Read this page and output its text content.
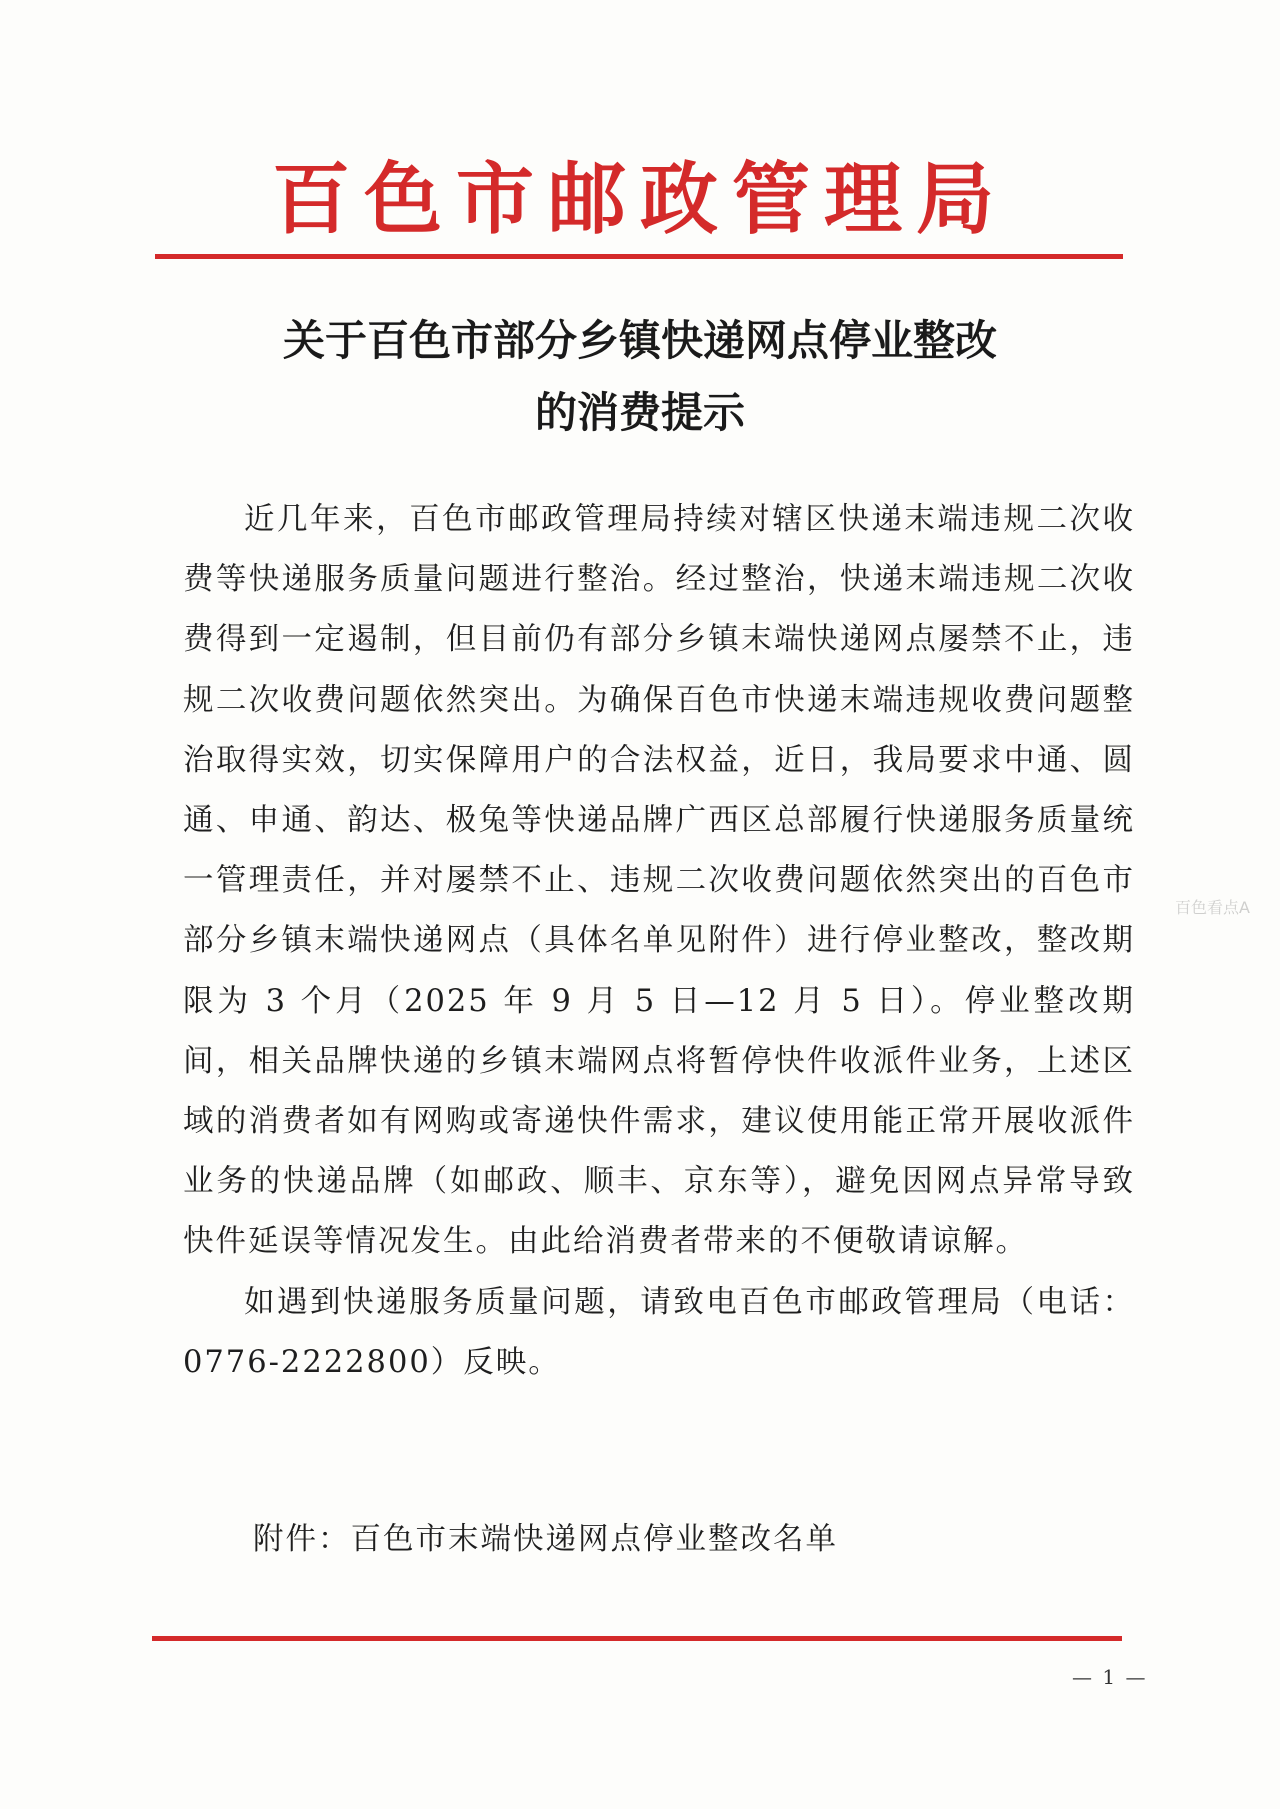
百色市邮政管理局
关于百色市部分乡镇快递网点停业整改
的消费提示

近几年来，百色市邮政管理局持续对辖区快递末端违规二次收费等快递服务质量问题进行整治。经过整治，快递末端违规二次收费得到一定遏制，但目前仍有部分乡镇末端快递网点屡禁不止，违规二次收费问题依然突出。为确保百色市快递末端违规收费问题整治取得实效，切实保障用户的合法权益，近日，我局要求中通、圆通、申通、韵达、极兔等快递品牌广西区总部履行快递服务质量统一管理责任，并对屡禁不止、违规二次收费问题依然突出的百色市部分乡镇末端快递网点（具体名单见附件）进行停业整改，整改期限为 3 个月（2025 年 9 月 5 日—12 月 5 日）。停业整改期间，相关品牌快递的乡镇末端网点将暂停快件收派件业务，上述区域的消费者如有网购或寄递快件需求，建议使用能正常开展收派件业务的快递品牌（如邮政、顺丰、京东等），避免因网点异常导致快件延误等情况发生。由此给消费者带来的不便敬请谅解。

如遇到快递服务质量问题，请致电百色市邮政管理局（电话：0776-2222800）反映。

附件：百色市末端快递网点停业整改名单
— 1 —
百色看点A
